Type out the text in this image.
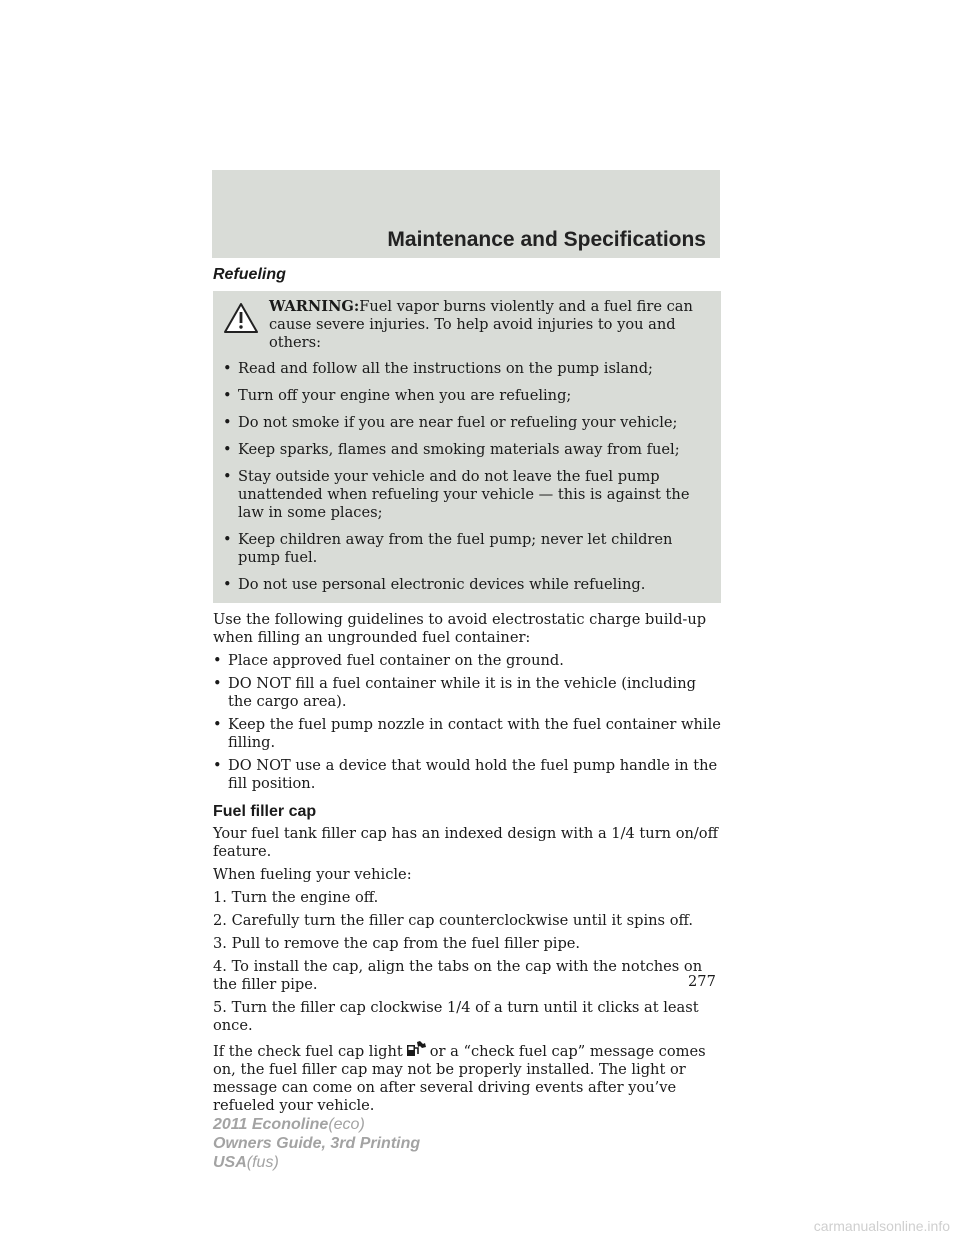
Maintenance and Specifications
Refueling
WARNING:Fuel vapor burns violently and a fuel fire can cause severe injuries. To help avoid injuries to you and others:
• Read and follow all the instructions on the pump island;
• Turn off your engine when you are refueling;
• Do not smoke if you are near fuel or refueling your vehicle;
• Keep sparks, flames and smoking materials away from fuel;
• Stay outside your vehicle and do not leave the fuel pump unattended when refueling your vehicle — this is against the law in some places;
• Keep children away from the fuel pump; never let children pump fuel.
• Do not use personal electronic devices while refueling.

Use the following guidelines to avoid electrostatic charge build-up when filling an ungrounded fuel container:

• Place approved fuel container on the ground.
• DO NOT fill a fuel container while it is in the vehicle (including the cargo area).
• Keep the fuel pump nozzle in contact with the fuel container while filling.
• DO NOT use a device that would hold the fuel pump handle in the fill position.
Fuel filler cap

Your fuel tank filler cap has an indexed design with a 1/4 turn on/off feature.

When fueling your vehicle:

1. Turn the engine off.

2. Carefully turn the filler cap counterclockwise until it spins off.

3. Pull to remove the cap from the fuel filler pipe.

4. To install the cap, align the tabs on the cap with the notches on the filler pipe.

5. Turn the filler cap clockwise 1/4 of a turn until it clicks at least once.

If the check fuel cap light or a “check fuel cap” message comes on, the fuel filler cap may not be properly installed. The light or message can come on after several driving events after you’ve refueled your vehicle.

277
2011 Econoline(eco)
Owners Guide, 3rd Printing
USA(fus)
carmanualsonline.info
